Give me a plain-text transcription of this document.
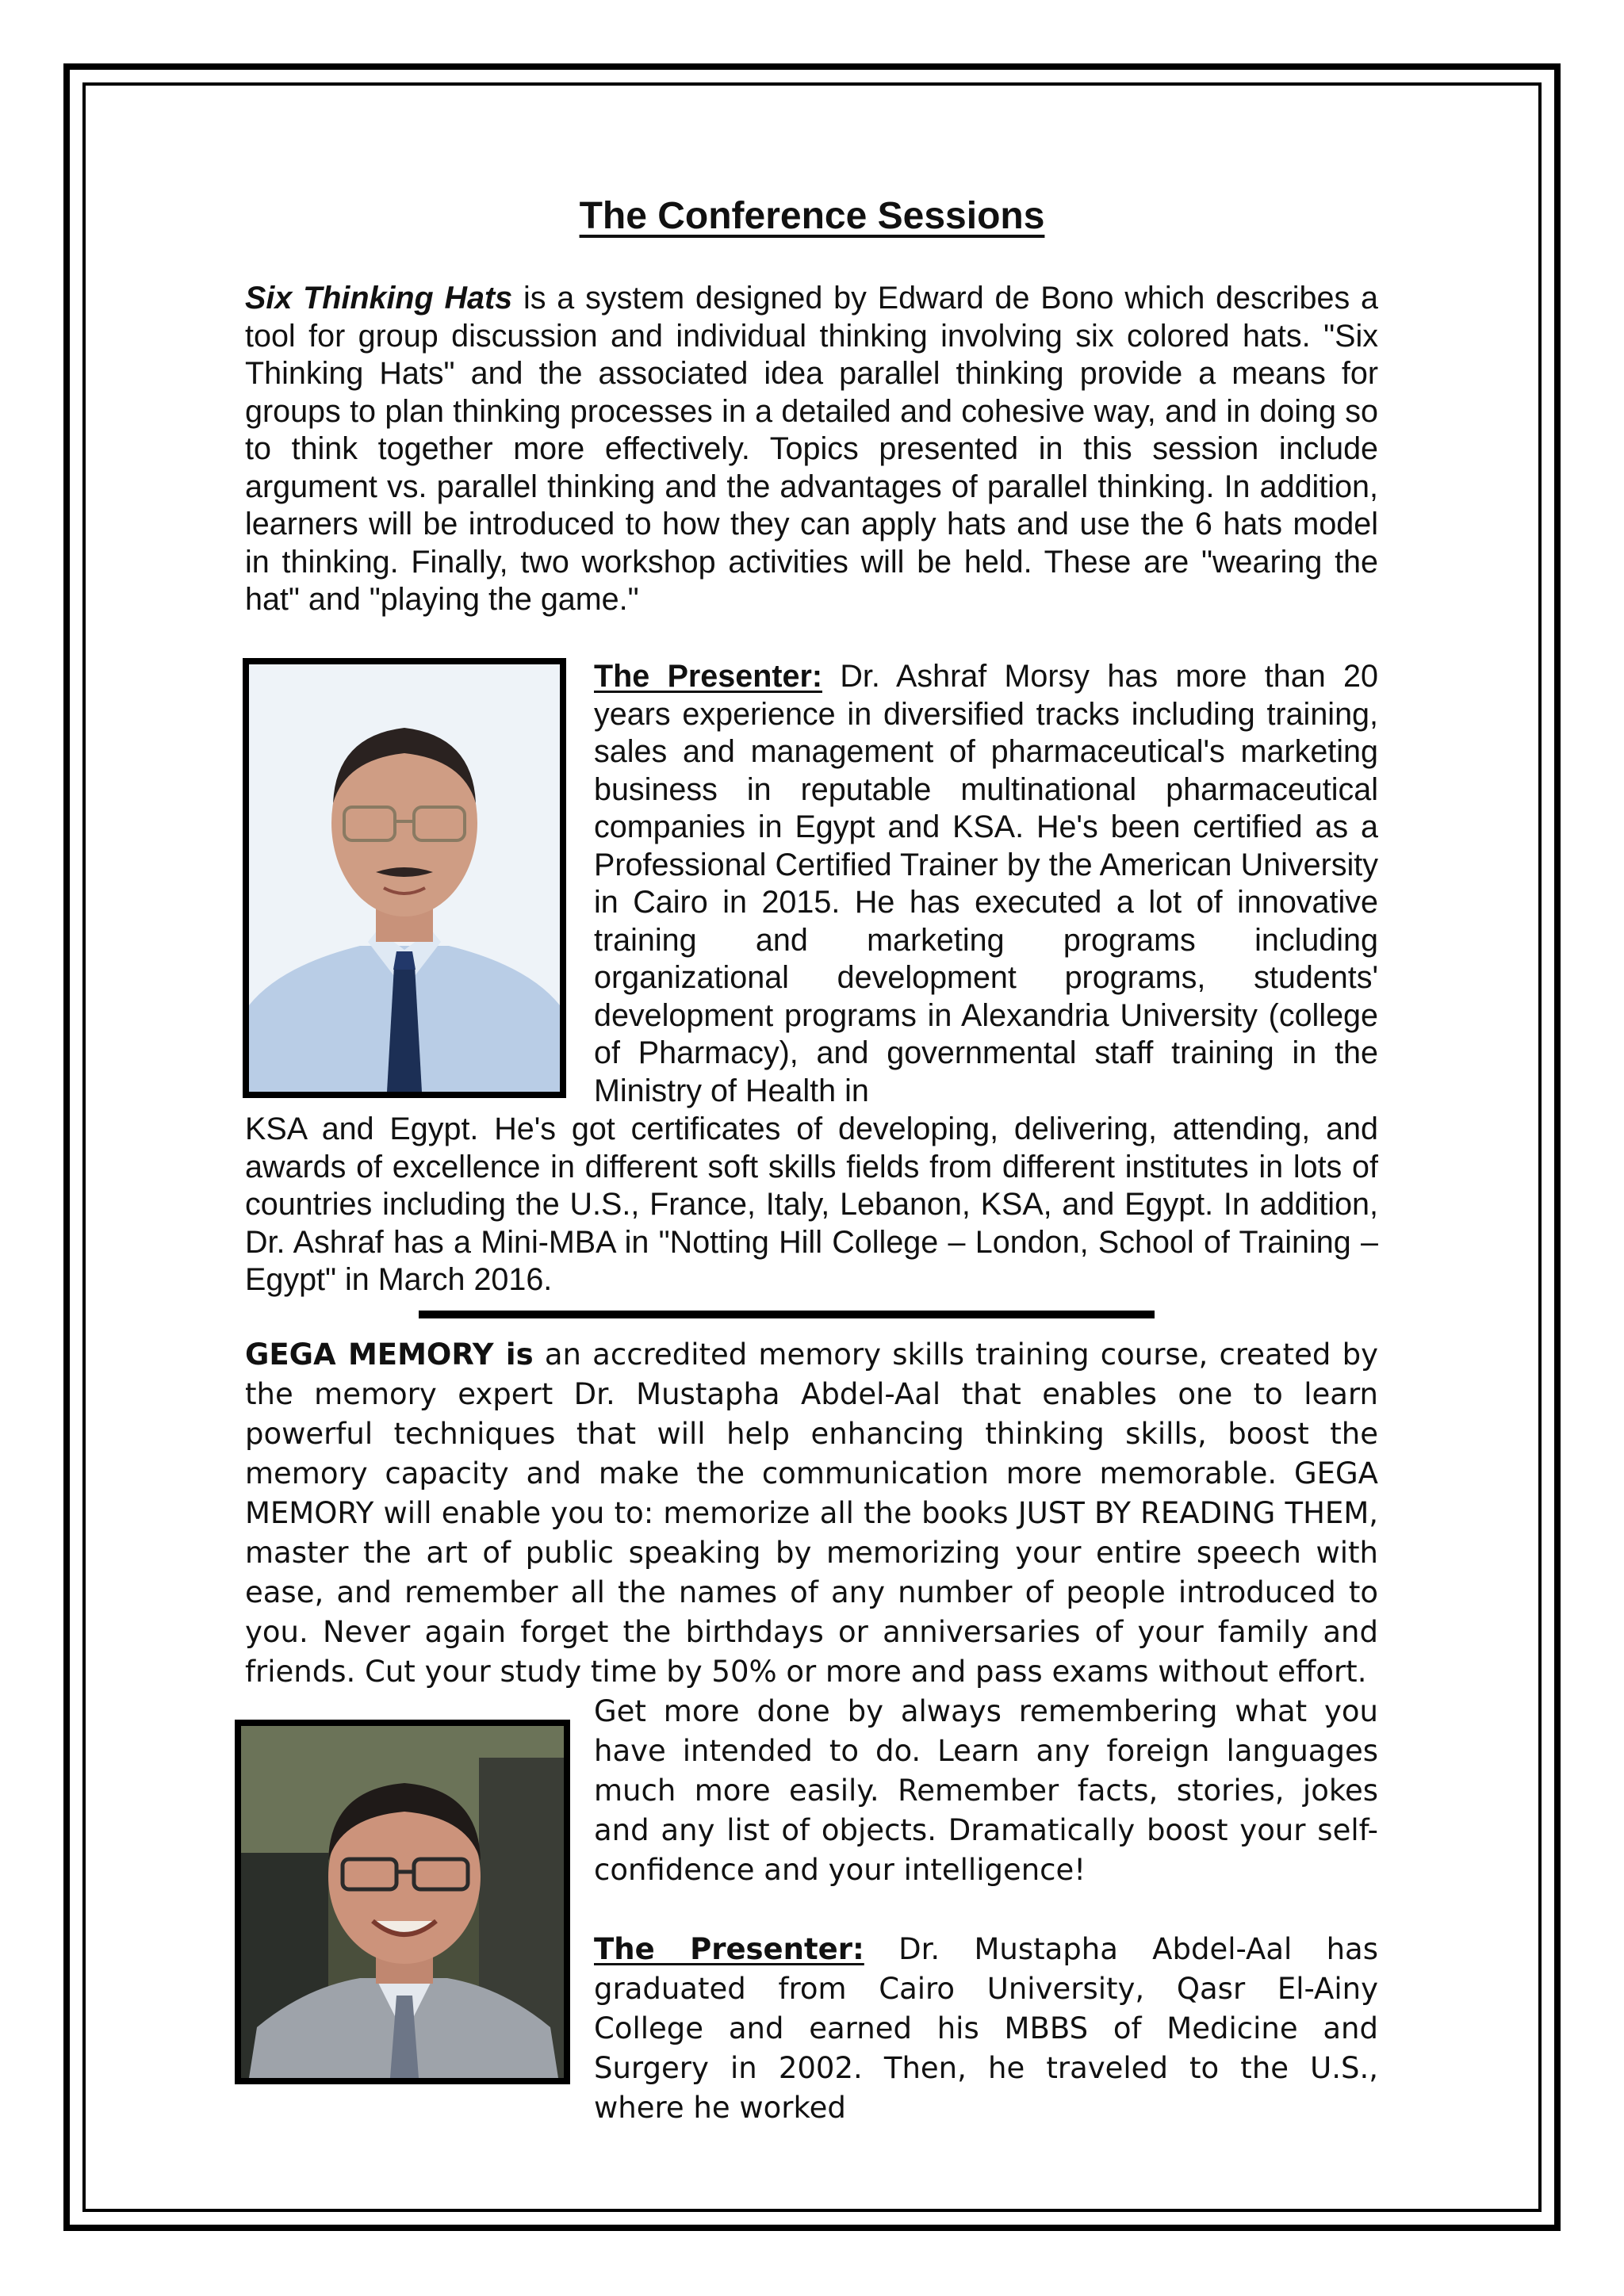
The Conference Sessions

Six Thinking Hats is a system designed by Edward de Bono which describes a tool for group discussion and individual thinking involving six colored hats. "Six Thinking Hats" and the associated idea parallel thinking provide a means for groups to plan thinking processes in a detailed and cohesive way, and in doing so to think together more effectively. Topics presented in this session include argument vs. parallel thinking and the advantages of parallel thinking. In addition, learners will be introduced to how they can apply hats and use the 6 hats model in thinking. Finally, two workshop activities will be held. These are "wearing the hat" and "playing the game."

The Presenter: Dr. Ashraf Morsy has more than 20 years experience in diversified tracks including training, sales and management of pharmaceutical's marketing business in reputable multinational pharmaceutical companies in Egypt and KSA. He's been certified as a Professional Certified Trainer by the American University in Cairo in 2015. He has executed a lot of innovative training and marketing programs including organizational development programs, students' development programs in Alexandria University (college of Pharmacy), and governmental staff training in the Ministry of Health in

KSA and Egypt. He's got certificates of developing, delivering, attending, and awards of excellence in different soft skills fields from different institutes in lots of countries including the U.S., France, Italy, Lebanon, KSA, and Egypt. In addition, Dr. Ashraf has a Mini-MBA in "Notting Hill College – London, School of Training – Egypt" in March 2016.

GEGA MEMORY is an accredited memory skills training course, created by the memory expert Dr. Mustapha Abdel-Aal that enables one to learn powerful techniques that will help enhancing thinking skills, boost the memory capacity and make the communication more memorable. GEGA MEMORY will enable you to: memorize all the books JUST BY READING THEM, master the art of public speaking by memorizing your entire speech with ease, and remember all the names of any number of people introduced to you. Never again forget the birthdays or anniversaries of your family and friends. Cut your study time by 50% or more and pass exams without effort.

Get more done by always remembering what you have intended to do. Learn any foreign languages much more easily. Remember facts, stories, jokes and any list of objects. Dramatically boost your self-confidence and your intelligence!

The Presenter: Dr. Mustapha Abdel-Aal has graduated from Cairo University, Qasr El-Ainy College and earned his MBBS of Medicine and Surgery in 2002. Then, he traveled to the U.S., where he worked
